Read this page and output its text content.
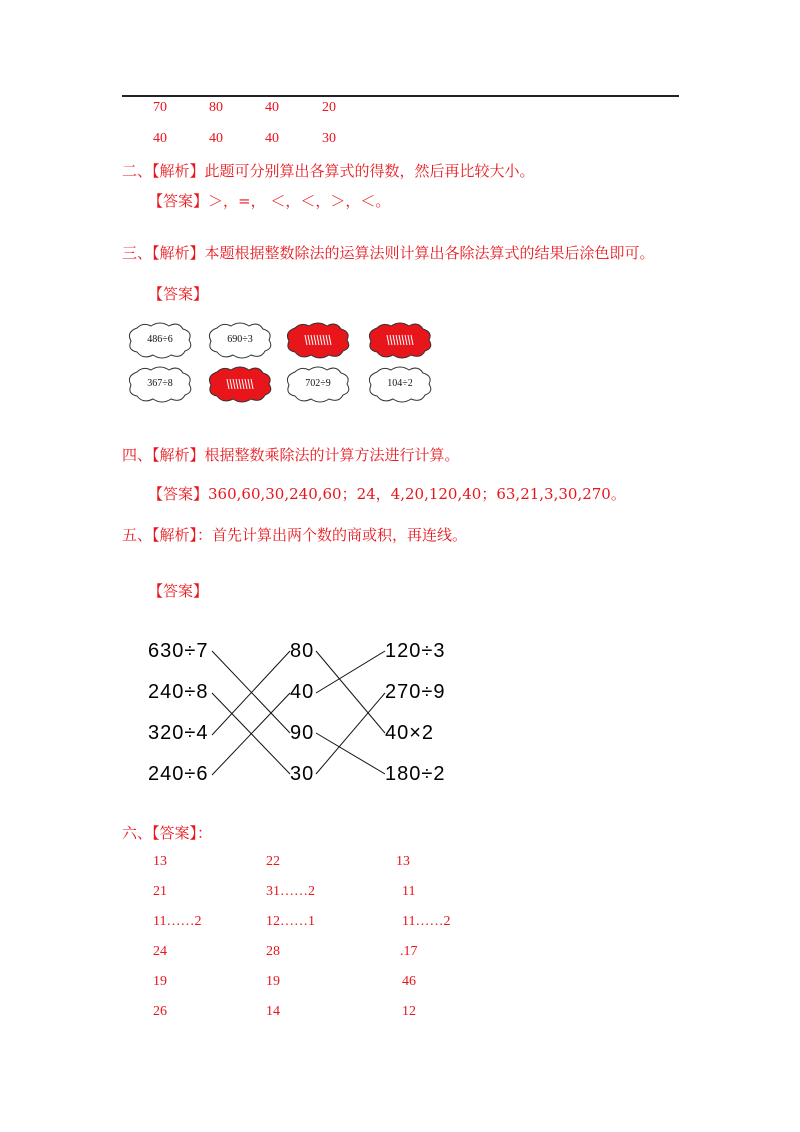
70	80	40	20
40	40	40	30
二、【解析】此题可分别算出各算式的得数，然后再比较大小。
【答案】＞，=， ＜，＜，＞，＜。
三、【解析】本题根据整数除法的运算法则计算出各除法算式的结果后涂色即可。
【答案】
486÷6	690÷3
367÷8	702÷9	104÷2
四、【解析】根据整数乘除法的计算方法进行计算。
【答案】360,60,30,240,60；24，4,20,120,40；63,21,3,30,270。
五、【解析】：首先计算出两个数的商或积，再连线。
【答案】
630÷7
240÷8
320÷4
240÷6
80
40
90
30
120÷3
270÷9
40×2
180÷2
六、【答案】：
13	22	13
21	31……2	11
11……2	12……1	11……2
24	28	.17
19	19	46
26	14	12
